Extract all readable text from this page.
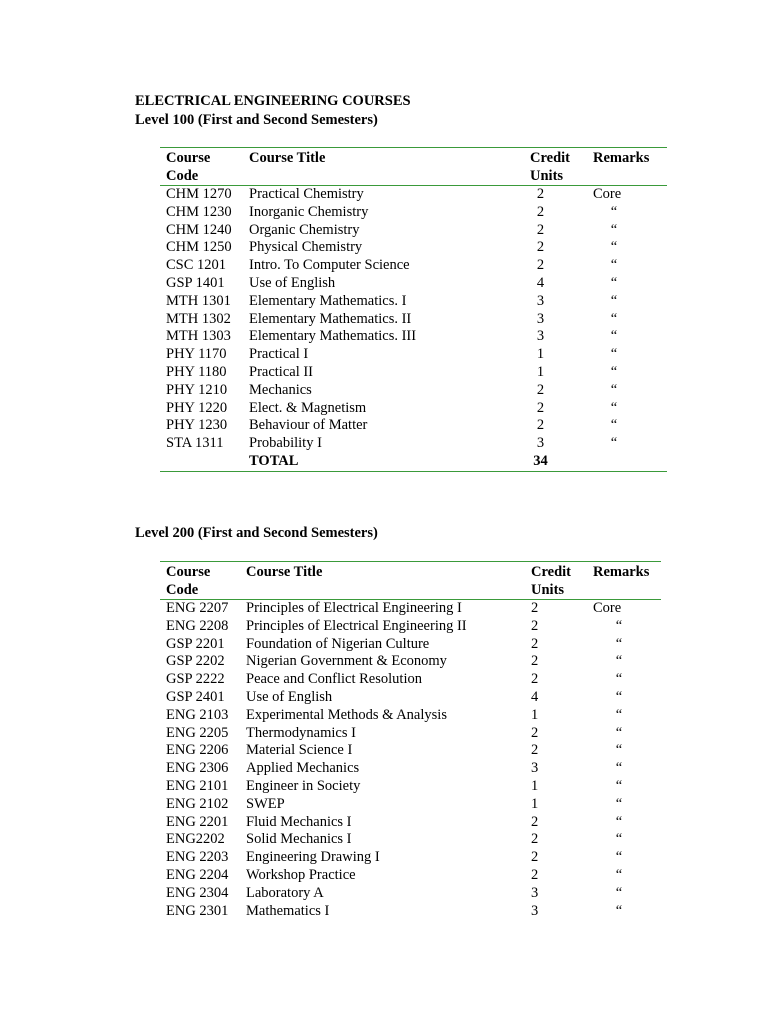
ELECTRICAL ENGINEERING COURSES
Level 100 (First and Second Semesters)
Course	Course Title	Credit	Remarks
Code		Units	
CHM 1270	Practical Chemistry	2	Core
CHM 1230	Inorganic Chemistry	2	“
CHM 1240	Organic Chemistry	2	“
CHM 1250	Physical Chemistry	2	“
CSC 1201	Intro. To Computer Science	2	“
GSP 1401	Use of English	4	“
MTH 1301	Elementary Mathematics. I	3	“
MTH 1302	Elementary Mathematics. II	3	“
MTH 1303	Elementary Mathematics. III	3	“
PHY 1170	Practical I	1	“
PHY 1180	Practical II	1	“
PHY 1210	Mechanics	2	“
PHY 1220	Elect. & Magnetism	2	“
PHY 1230	Behaviour of Matter	2	“
STA 1311	Probability I	3	“
	TOTAL	34	
Level 200 (First and Second Semesters)
Course	Course Title	Credit	Remarks
Code		Units	
ENG 2207	Principles of Electrical Engineering I	2	Core
ENG 2208	Principles of Electrical Engineering II	2	“
GSP 2201	Foundation of Nigerian Culture	2	“
GSP 2202	Nigerian Government & Economy	2	“
GSP 2222	Peace and Conflict Resolution	2	“
GSP 2401	Use of English	4	“
ENG 2103	Experimental Methods & Analysis	1	“
ENG 2205	Thermodynamics I	2	“
ENG 2206	Material Science I	2	“
ENG 2306	Applied Mechanics	3	“
ENG 2101	Engineer in Society	1	“
ENG 2102	SWEP	1	“
ENG 2201	Fluid Mechanics I	2	“
ENG2202	Solid Mechanics I	2	“
ENG 2203	Engineering Drawing I	2	“
ENG 2204	Workshop Practice	2	“
ENG 2304	Laboratory A	3	“
ENG 2301	Mathematics I	3	“
